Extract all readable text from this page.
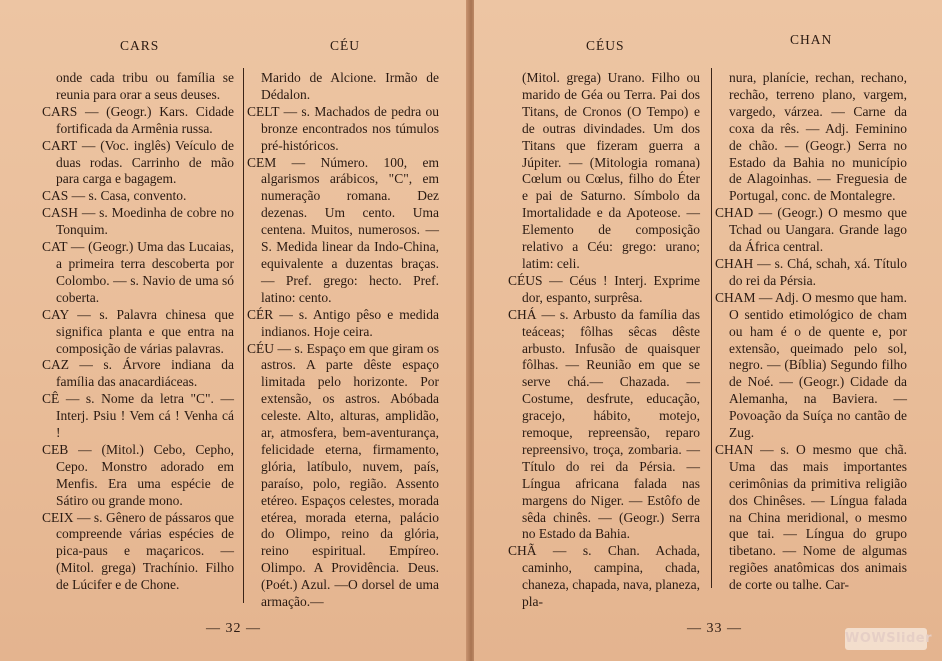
CARS	CÉU

onde cada tribu ou família se reunia para orar a seus deuses.

CARS — (Geogr.) Kars. Cidade fortificada da Armênia russa.

CART — (Voc. inglês) Veículo de duas rodas. Carrinho de mão para carga e bagagem.

CAS — s. Casa, convento.

CASH — s. Moedinha de cobre no Tonquim.

CAT — (Geogr.) Uma das Lucaias, a primeira terra descoberta por Colombo. — s. Navio de uma só coberta.

CAY — s. Palavra chinesa que significa planta e que entra na composição de várias palavras.

CAZ — s. Árvore indiana da família das anacardiáceas.

CÊ — s. Nome da letra "C". — Interj. Psiu ! Vem cá ! Venha cá !

CEB — (Mitol.) Cebo, Cepho, Cepo. Monstro adorado em Menfis. Era uma espécie de Sátiro ou grande mono.

CEIX — s. Gênero de pássaros que compreende várias espécies de pica-paus e maçaricos. — (Mitol. grega) Trachínio. Filho de Lúcifer e de Chone.

Marido de Alcione. Irmão de Dédalon.

CELT — s. Machados de pedra ou bronze encontrados nos túmulos pré-históricos.

CEM — Número. 100, em algarismos arábicos, "C", em numeração romana. Dez dezenas. Um cento. Uma centena. Muitos, numerosos. — S. Medida linear da Indo-China, equivalente a duzentas braças. — Pref. grego: hecto. Pref. latino: cento.

CÉR — s. Antigo pêso e medida indianos. Hoje ceira.

CÉU — s. Espaço em que giram os astros. A parte dêste espaço limitada pelo horizonte. Por extensão, os astros. Abóbada celeste. Alto, alturas, amplidão, ar, atmosfera, bem-aventurança, felicidade eterna, firmamento, glória, latíbulo, nuvem, país, paraíso, polo, região. Assento etéreo. Espaços celestes, morada etérea, morada eterna, palácio do Olimpo, reino da glória, reino espiritual. Empíreo. Olimpo. A Providência. Deus. (Poét.) Azul. —O dorsel de uma armação.—

— 32 —
CÉUS	CHAN

(Mitol. grega) Urano. Filho ou marido de Géa ou Terra. Pai dos Titans, de Cronos (O Tempo) e de outras divindades. Um dos Titans que fizeram guerra a Júpiter. — (Mitologia romana) Cœlum ou Cœlus, filho do Éter e pai de Saturno. Símbolo da Imortalidade e da Apoteose. — Elemento de composição relativo a Céu: grego: urano; latim: celi.

CÉUS — Céus ! Interj. Exprime dor, espanto, surprêsa.

CHÁ — s. Arbusto da família das teáceas; fôlhas sêcas dêste arbusto. Infusão de quaisquer fôlhas. — Reunião em que se serve chá.— Chazada. — Costume, desfrute, educação, gracejo, hábito, motejo, remoque, repreensão, reparo repreensivo, troça, zombaria. — Título do rei da Pérsia. — Língua africana falada nas margens do Niger. — Estôfo de sêda chinês. — (Geogr.) Serra no Estado da Bahia.

CHÃ — s. Chan. Achada, caminho, campina, chada, chaneza, chapada, nava, planeza, pla-

nura, planície, rechan, rechano, rechão, terreno plano, vargem, vargedo, várzea. — Carne da coxa da rês. — Adj. Feminino de chão. — (Geogr.) Serra no Estado da Bahia no município de Alagoinhas. — Freguesia de Portugal, conc. de Montalegre.

CHAD — (Geogr.) O mesmo que Tchad ou Uangara. Grande lago da África central.

CHAH — s. Chá, schah, xá. Título do rei da Pérsia.

CHAM — Adj. O mesmo que ham. O sentido etimológico de cham ou ham é o de quente e, por extensão, queimado pelo sol, negro. — (Bíblia) Segundo filho de Noé. — (Geogr.) Cidade da Alemanha, na Baviera. — Povoação da Suíça no cantão de Zug.

CHAN — s. O mesmo que chã. Uma das mais importantes cerimônias da primitiva religião dos Chinêses. — Língua falada na China meridional, o mesmo que tai. — Língua do grupo tibetano. — Nome de algumas regiões anatômicas dos animais de corte ou talhe. Car-

— 33 —
WOWSlider
